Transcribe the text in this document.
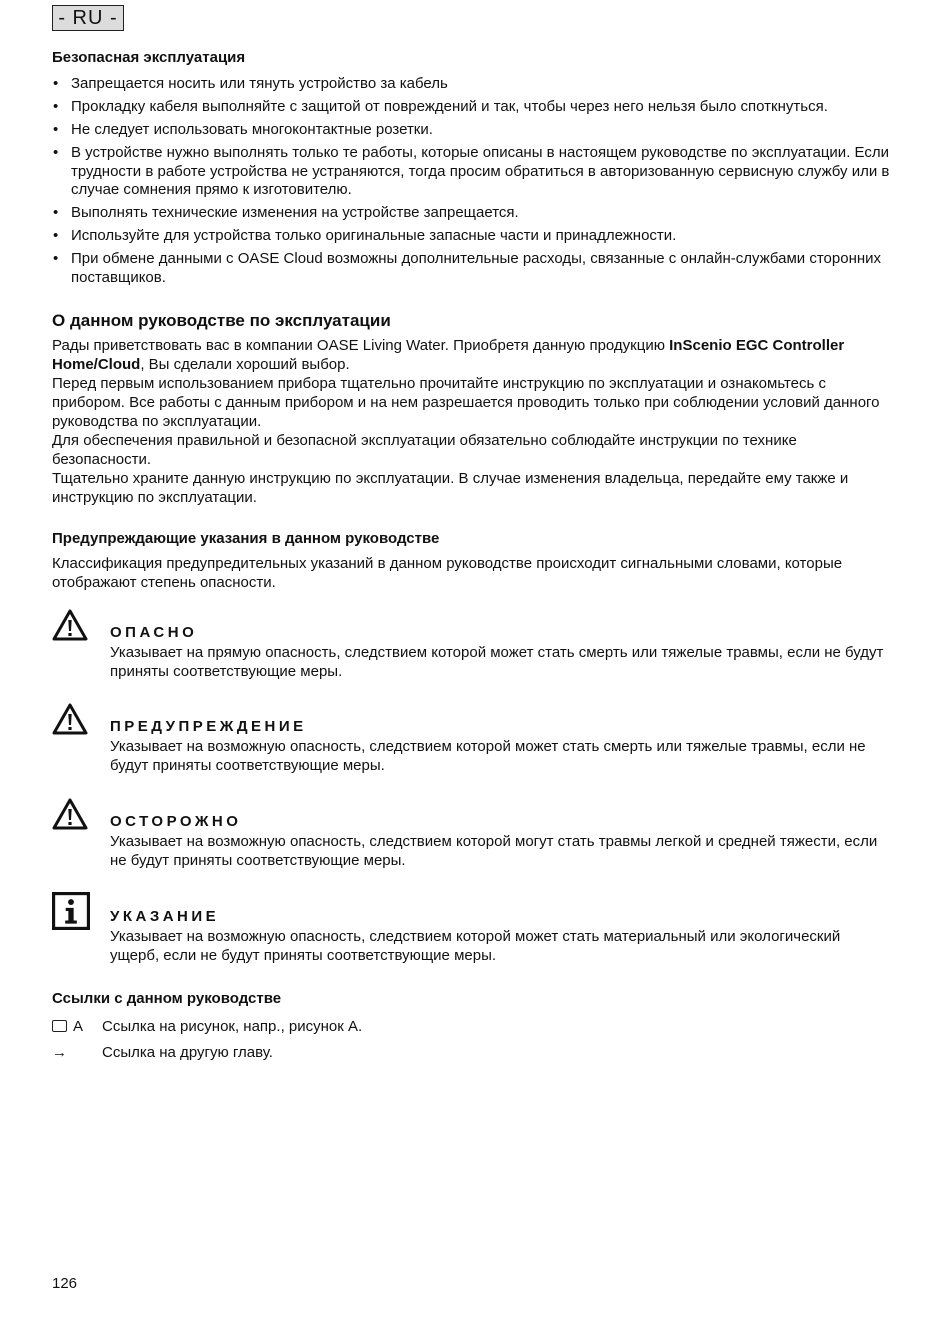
- RU -
Безопасная эксплуатация
• Запрещается носить или тянуть устройство за кабель
• Прокладку кабеля выполняйте с защитой от повреждений и так, чтобы через него нельзя было споткнуться.
• Не следует использовать многоконтактные розетки.
• В устройстве нужно выполнять только те работы, которые описаны в настоящем руководстве по эксплуатации. Если трудности в работе устройства не устраняются, тогда просим обратиться в авторизованную сервисную службу или в случае сомнения прямо к изготовителю.
• Выполнять технические изменения на устройстве запрещается.
• Используйте для устройства только оригинальные запасные части и принадлежности.
• При обмене данными с OASE Cloud возможны дополнительные расходы, связанные с онлайн-службами сторонних поставщиков.
О данном руководстве по эксплуатации

Рады приветствовать вас в компании OASE Living Water. Приобретя данную продукцию InScenio EGC Controller Home/Cloud, Вы сделали хороший выбор.

Перед первым использованием прибора тщательно прочитайте инструкцию по эксплуатации и ознакомьтесь с прибором. Все работы с данным прибором и на нем разрешается проводить только при соблюдении условий данного руководства по эксплуатации.

Для обеспечения правильной и безопасной эксплуатации обязательно соблюдайте инструкции по технике безопасности.

Тщательно храните данную инструкцию по эксплуатации. В случае изменения владельца, передайте ему также и инструкцию по эксплуатации.

Предупреждающие указания в данном руководстве

Классификация предупредительных указаний в данном руководстве происходит сигнальными словами, которые отображают степень опасности.

ОПАСНО

Указывает на прямую опасность, следствием которой может стать смерть или тяжелые травмы, если не будут приняты соответствующие меры.

ПРЕДУПРЕЖДЕНИЕ

Указывает на возможную опасность, следствием которой может стать смерть или тяжелые травмы, если не будут приняты соответствующие меры.

ОСТОРОЖНО

Указывает на возможную опасность, следствием которой могут стать травмы легкой и средней тяжести, если не будут приняты соответствующие меры.

УКАЗАНИЕ

Указывает на возможную опасность, следствием которой может стать материальный или экологический ущерб, если не будут приняты соответствующие меры.

Ссылки с данном руководстве
A	Ссылка на рисунок, напр., рисунок A.
→	Ссылка на другую главу.
126
